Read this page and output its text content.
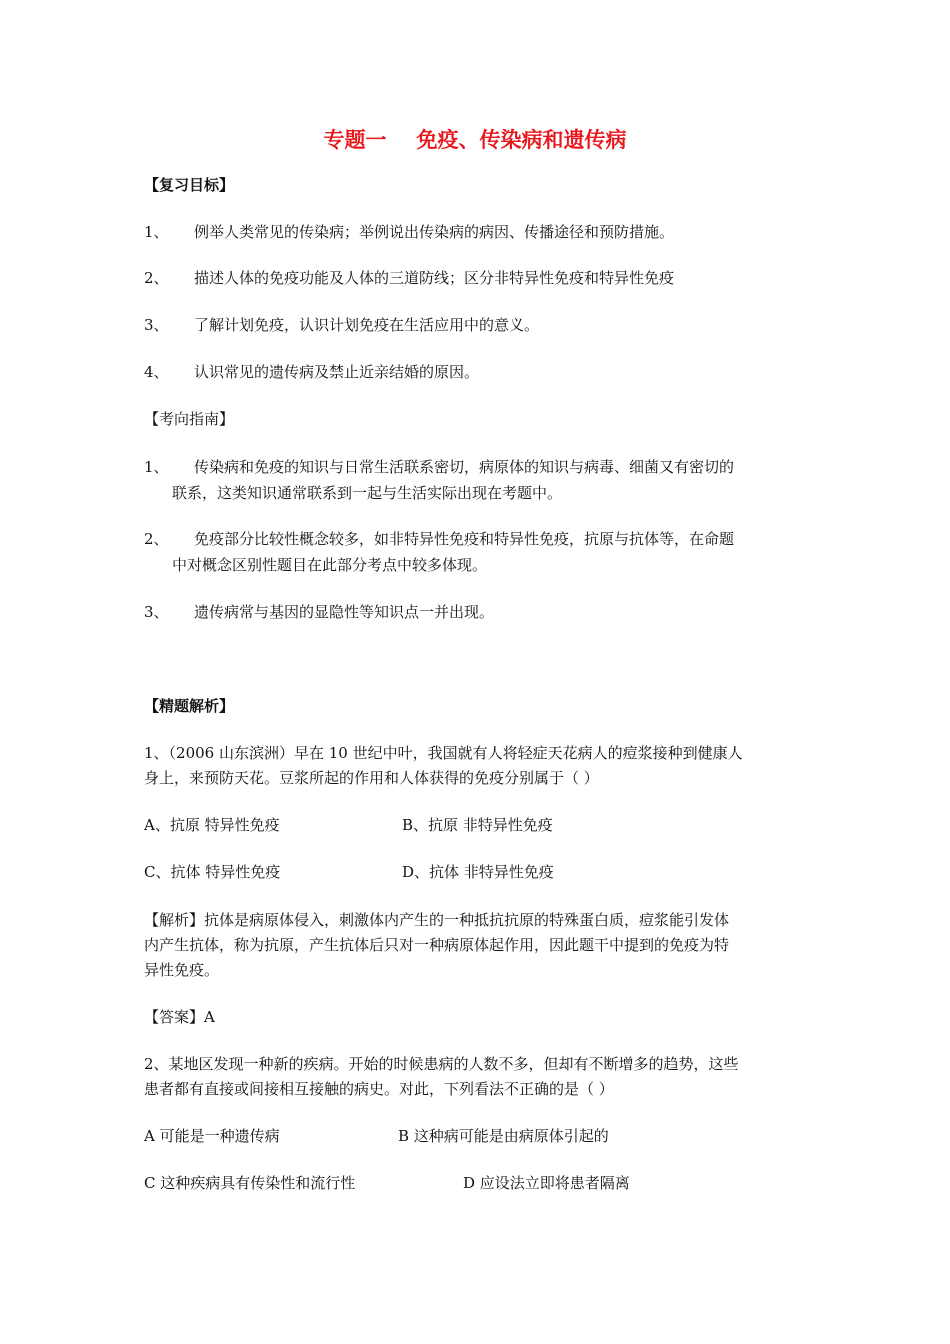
专题一 免疫、传染病和遗传病
【复习目标】
1、 例举人类常见的传染病；举例说出传染病的病因、传播途径和预防措施。
2、 描述人体的免疫功能及人体的三道防线；区分非特异性免疫和特异性免疫
3、 了解计划免疫，认识计划免疫在生活应用中的意义。
4、 认识常见的遗传病及禁止近亲结婚的原因。
【考向指南】
1、 传染病和免疫的知识与日常生活联系密切，病原体的知识与病毒、细菌又有密切的
联系，这类知识通常联系到一起与生活实际出现在考题中。
2、 免疫部分比较性概念较多，如非特异性免疫和特异性免疫，抗原与抗体等，在命题
中对概念区别性题目在此部分考点中较多体现。
3、 遗传病常与基因的显隐性等知识点一并出现。
【精题解析】
1、（2006 山东滨洲）早在 10 世纪中叶，我国就有人将轻症天花病人的痘浆接种到健康人
身上，来预防天花。豆浆所起的作用和人体获得的免疫分别属于（ ）
A、抗原 特异性免疫	B、抗原 非特异性免疫
C、抗体 特异性免疫	D、抗体 非特异性免疫
【解析】抗体是病原体侵入，刺激体内产生的一种抵抗抗原的特殊蛋白质，痘浆能引发体
内产生抗体，称为抗原，产生抗体后只对一种病原体起作用，因此题干中提到的免疫为特
异性免疫。
【答案】A
2、某地区发现一种新的疾病。开始的时候患病的人数不多，但却有不断增多的趋势，这些
患者都有直接或间接相互接触的病史。对此，下列看法不正确的是（ ）
A 可能是一种遗传病	B 这种病可能是由病原体引起的
C 这种疾病具有传染性和流行性	D 应设法立即将患者隔离
